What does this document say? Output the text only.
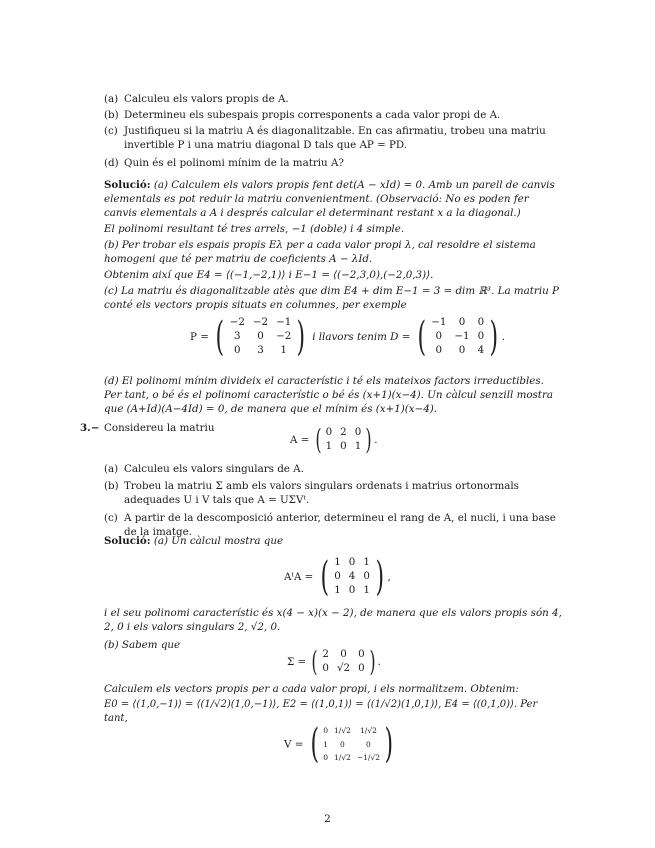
(a) Calculeu els valors propis de A.
(b) Determineu els subespais propis corresponents a cada valor propi de A.
(c) Justifiqueu si la matriu A és diagonalitzable. En cas afirmatiu, trobeu una matriu invertible P i una matriu diagonal D tals que AP = PD.
(d) Quin és el polinomi mínim de la matriu A?
Solució: (a) Calculem els valors propis fent det(A − xId) = 0. Amb un parell de canvis elementals es pot reduir la matriu convenientment. (Observació: No es poden fer canvis elementals a A i després calcular el determinant restant x a la diagonal.)
El polinomi resultant té tres arrels, −1 (doble) i 4 simple.
(b) Per trobar els espais propis Eλ per a cada valor propi λ, cal resoldre el sistema homogeni que té per matriu de coeficients A − λId.
Obtenim així que E4 = ⟨(−1,−2,1)⟩ i E−1 = ⟨(−2,3,0),(−2,0,3)⟩.
(c) La matriu és diagonalitzable atès que dim E4 + dim E−1 = 3 = dim ℝ³. La matriu P conté els vectors propis situats en columnes, per exemple
P = ( −2	−2	−1
3	0	−2
0	3	1 ) i llavors tenim D = ( −1	0	0
0	−1	0
0	0	4 ) .
(d) El polinomi mínim divideix el característic i té els mateixos factors irreductibles. Per tant, o bé és el polinomi característic o bé és (x+1)(x−4). Un càlcul senzill mostra que (A+Id)(A−4Id) = 0, de manera que el mínim és (x+1)(x−4).
3.− Considereu la matriu
A = ( 0	2	0
1	0	1 ) .
(a) Calculeu els valors singulars de A.
(b) Trobeu la matriu Σ amb els valors singulars ordenats i matrius ortonormals adequades U i V tals que A = UΣVᵗ.
(c) A partir de la descomposició anterior, determineu el rang de A, el nucli, i una base de la imatge.
Solució: (a) Un càlcul mostra que
AᵗA = ( 1	0	1
0	4	0
1	0	1 ) ,
i el seu polinomi característic és x(4 − x)(x − 2), de manera que els valors propis són 4, 2, 0 i els valors singulars 2, √2, 0.
(b) Sabem que
Σ = ( 2	0	0
0	√2	0 ) .
Calculem els vectors propis per a cada valor propi, i els normalitzem. Obtenim:
E0 = ⟨(1,0,−1)⟩ = ⟨(1/√2)(1,0,−1)⟩, E2 = ⟨(1,0,1)⟩ = ⟨(1/√2)(1,0,1)⟩, E4 = ⟨(0,1,0)⟩. Per tant,
V = ( 0	1/√2	1/√2
1	0	0
0	1/√2	−1/√2 )
2
